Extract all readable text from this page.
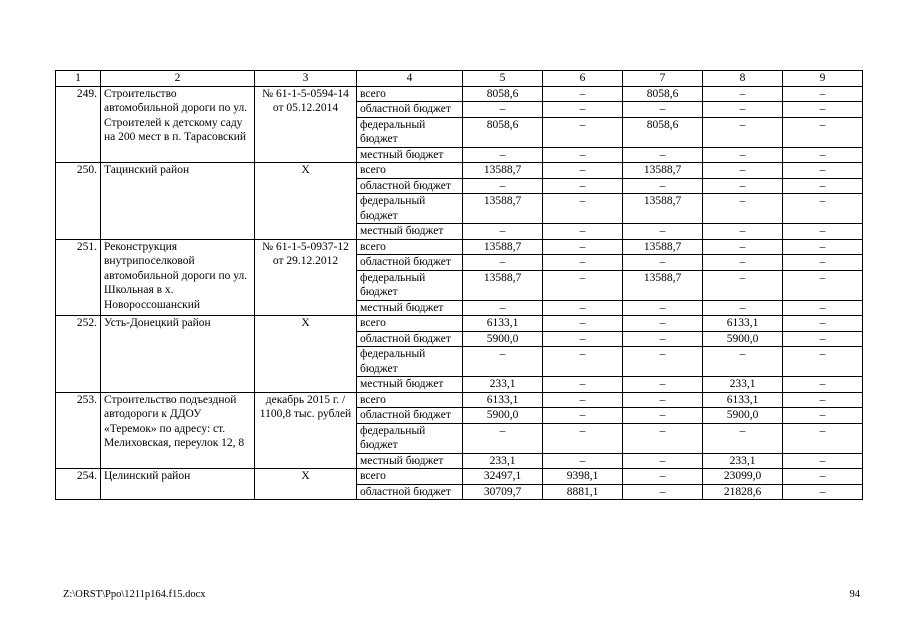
1	2	3	4	5	6	7	8	9
249.	Строительство автомобильной дороги по ул. Строителей к детскому саду на 200 мест в п. Тарасовский	№ 61-1-5-0594-14 от 05.12.2014	всего	8058,6	–	8058,6	–	–
			областной бюджет	–	–	–	–	–
			федеральный бюджет	8058,6	–	8058,6	–	–
			местный бюджет	–	–	–	–	–
250.	Тацинский район	Х	всего	13588,7	–	13588,7	–	–
			областной бюджет	–	–	–	–	–
			федеральный бюджет	13588,7	–	13588,7	–	–
			местный бюджет	–	–	–	–	–
251.	Реконструкция внутрипоселковой автомобильной дороги по ул. Школьная в х. Новороссошанский	№ 61-1-5-0937-12 от 29.12.2012	всего	13588,7	–	13588,7	–	–
			областной бюджет	–	–	–	–	–
			федеральный бюджет	13588,7	–	13588,7	–	–
			местный бюджет	–	–	–	–	–
252.	Усть-Донецкий район	Х	всего	6133,1	–	–	6133,1	–
			областной бюджет	5900,0	–	–	5900,0	–
			федеральный бюджет	–	–	–	–	–
			местный бюджет	233,1	–	–	233,1	–
253.	Строительство подъездной автодороги к ДДОУ «Теремок» по адресу: ст. Мелиховская, переулок 12, 8	декабрь 2015 г. / 1100,8 тыс. рублей	всего	6133,1	–	–	6133,1	–
			областной бюджет	5900,0	–	–	5900,0	–
			федеральный бюджет	–	–	–	–	–
			местный бюджет	233,1	–	–	233,1	–
254.	Целинский район	Х	всего	32497,1	9398,1	–	23099,0	–
			областной бюджет	30709,7	8881,1	–	21828,6	–
Z:\ORST\Ppo\1211p164.f15.docx	94
